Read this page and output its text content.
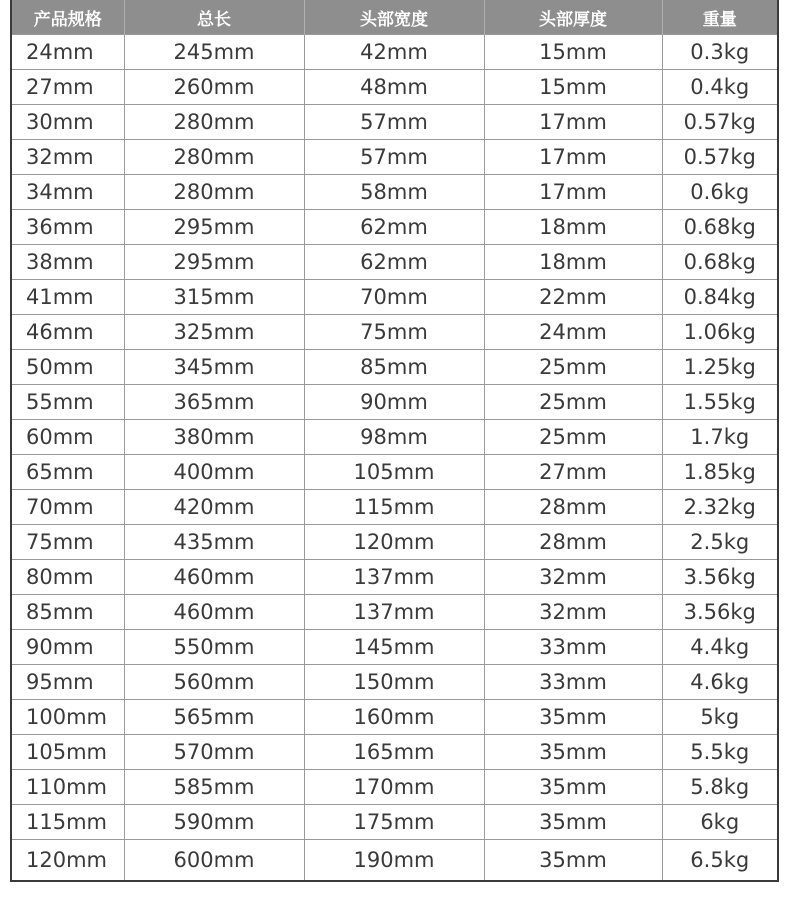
产品规格	总长	头部宽度	头部厚度	重量
24mm	245mm	42mm	15mm	0.3kg
27mm	260mm	48mm	15mm	0.4kg
30mm	280mm	57mm	17mm	0.57kg
32mm	280mm	57mm	17mm	0.57kg
34mm	280mm	58mm	17mm	0.6kg
36mm	295mm	62mm	18mm	0.68kg
38mm	295mm	62mm	18mm	0.68kg
41mm	315mm	70mm	22mm	0.84kg
46mm	325mm	75mm	24mm	1.06kg
50mm	345mm	85mm	25mm	1.25kg
55mm	365mm	90mm	25mm	1.55kg
60mm	380mm	98mm	25mm	1.7kg
65mm	400mm	105mm	27mm	1.85kg
70mm	420mm	115mm	28mm	2.32kg
75mm	435mm	120mm	28mm	2.5kg
80mm	460mm	137mm	32mm	3.56kg
85mm	460mm	137mm	32mm	3.56kg
90mm	550mm	145mm	33mm	4.4kg
95mm	560mm	150mm	33mm	4.6kg
100mm	565mm	160mm	35mm	5kg
105mm	570mm	165mm	35mm	5.5kg
110mm	585mm	170mm	35mm	5.8kg
115mm	590mm	175mm	35mm	6kg
120mm	600mm	190mm	35mm	6.5kg
